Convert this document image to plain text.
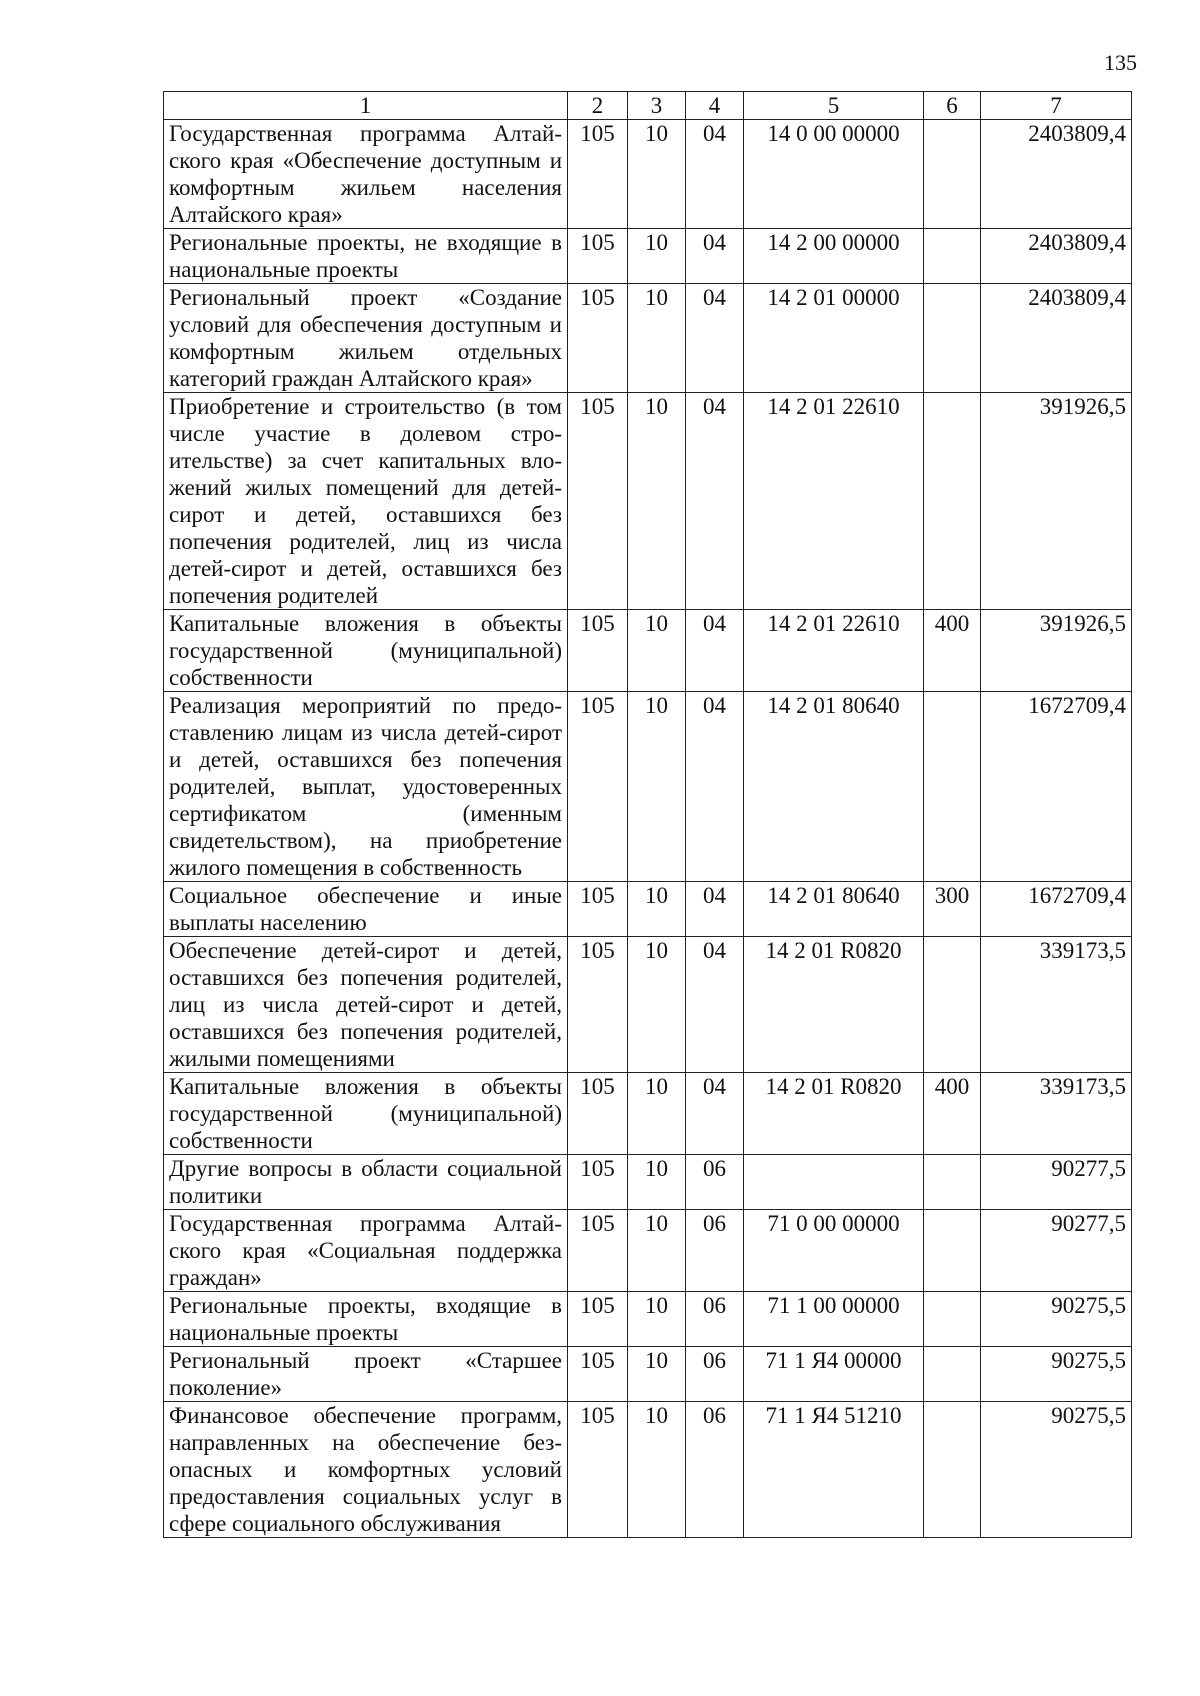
135
1	2	3	4	5	6	7
Государственная программа Алтайского края «Обеспечение доступным и комфортным жильем населения Алтайского края»	105	10	04	14 0 00 00000		2403809,4
Региональные проекты, не входящие в национальные проекты	105	10	04	14 2 00 00000		2403809,4
Региональный проект «Создание условий для обеспечения доступным и комфортным жильем отдельных категорий граждан Алтайского края»	105	10	04	14 2 01 00000		2403809,4
Приобретение и строительство (в том числе участие в долевом строительстве) за счет капитальных вложений жилых помещений для детей-сирот и детей, оставшихся без попечения родителей, лиц из числа детей-сирот и детей, оставшихся без попечения родителей	105	10	04	14 2 01 22610		391926,5
Капитальные вложения в объекты государственной (муниципальной) собственности	105	10	04	14 2 01 22610	400	391926,5
Реализация мероприятий по предоставлению лицам из числа детей-сирот и детей, оставшихся без попечения родителей, выплат, удостоверенных сертификатом (именным свидетельством), на приобретение жилого помещения в собственность	105	10	04	14 2 01 80640		1672709,4
Социальное обеспечение и иные выплаты населению	105	10	04	14 2 01 80640	300	1672709,4
Обеспечение детей-сирот и детей, оставшихся без попечения родителей, лиц из числа детей-сирот и детей, оставшихся без попечения родителей, жилыми помещениями	105	10	04	14 2 01 R0820		339173,5
Капитальные вложения в объекты государственной (муниципальной) собственности	105	10	04	14 2 01 R0820	400	339173,5
Другие вопросы в области социальной политики	105	10	06			90277,5
Государственная программа Алтайского края «Социальная поддержка граждан»	105	10	06	71 0 00 00000		90277,5
Региональные проекты, входящие в национальные проекты	105	10	06	71 1 00 00000		90275,5
Региональный проект «Старшее поколение»	105	10	06	71 1 Я4 00000		90275,5
Финансовое обеспечение программ, направленных на обеспечение безопасных и комфортных условий предоставления социальных услуг в сфере социального обслуживания	105	10	06	71 1 Я4 51210		90275,5
